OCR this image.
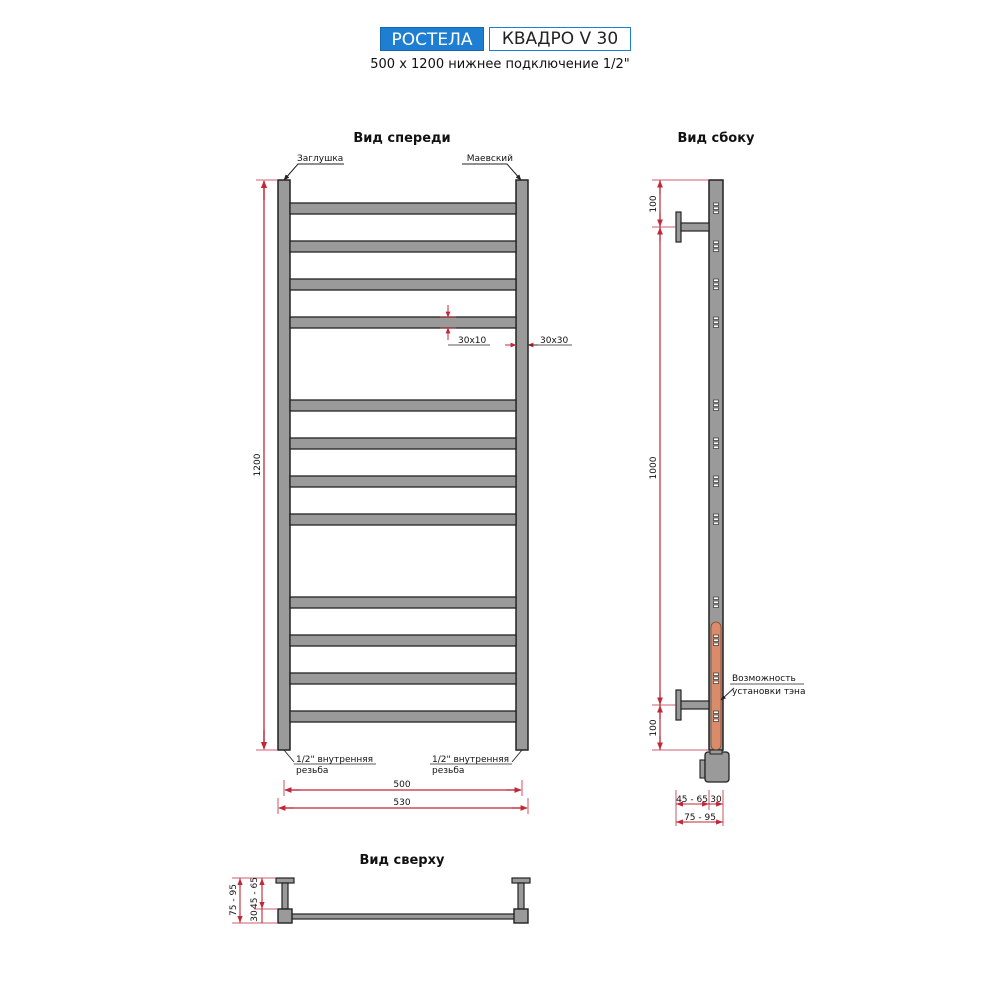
РОСТЕЛА	КВАДРО V 30
500 х 1200 нижнее подключение 1/2"
Вид спереди
Заглушка	Маевский
30х10	30х30
1200
1/2" внутренняя
резьба
1/2" внутренняя
резьба
500
530
Вид сбоку
100
1000
100
Возможность
установки тэна
45 - 65 30
75 - 95
Вид сверху
75 - 95
30
45 - 65
